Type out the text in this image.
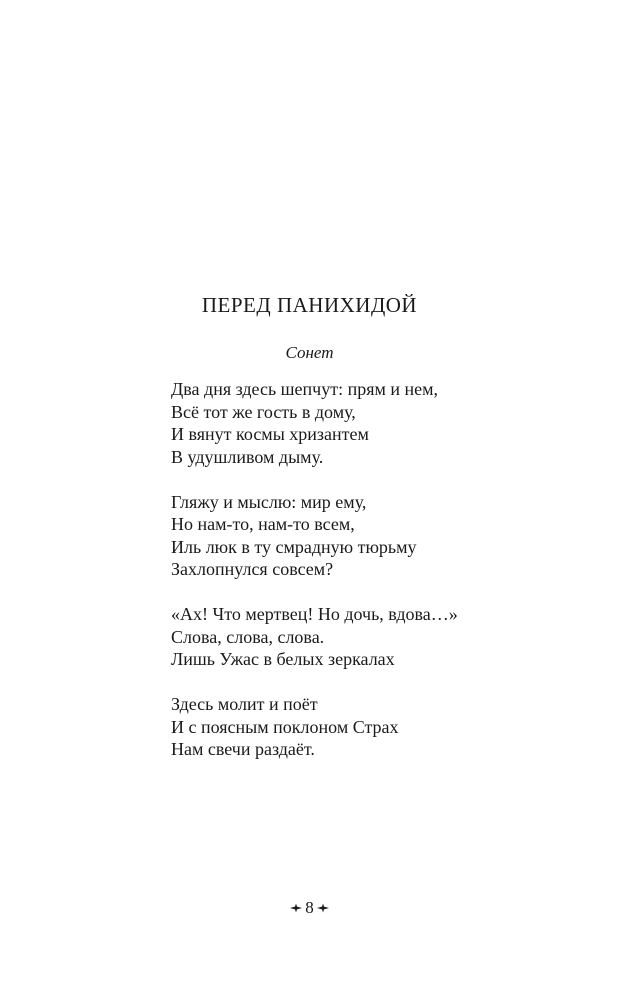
ПЕРЕД ПАНИХИДОЙ
Сонет
Два дня здесь шепчут: прям и нем,
Всё тот же гость в дому,
И вянут космы хризантем
В удушливом дыму.
Гляжу и мыслю: мир ему,
Но нам-то, нам-то всем,
Иль люк в ту смрадную тюрьму
Захлопнулся совсем?
«Ах! Что мертвец! Но дочь, вдова…»
Слова, слова, слова.
Лишь Ужас в белых зеркалах
Здесь молит и поёт
И с поясным поклоном Страх
Нам свечи раздаёт.
8
